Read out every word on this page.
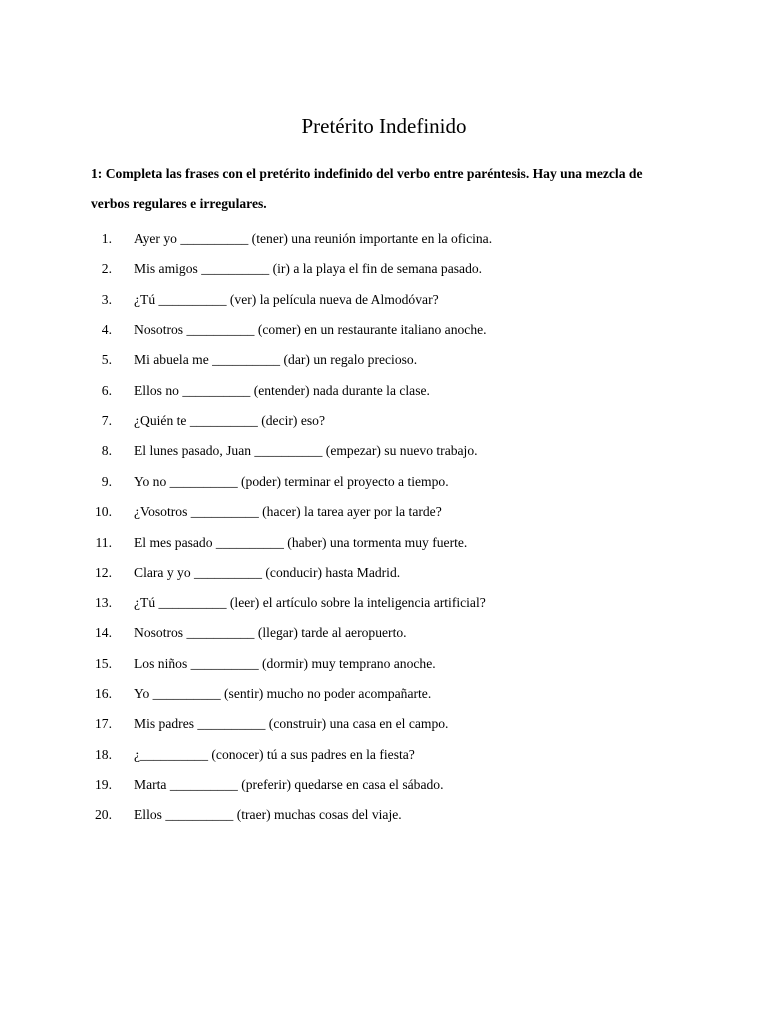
Pretérito Indefinido

1: Completa las frases con el pretérito indefinido del verbo entre paréntesis. Hay una mezcla de verbos regulares e irregulares.

1. Ayer yo __________ (tener) una reunión importante en la oficina.
2. Mis amigos __________ (ir) a la playa el fin de semana pasado.
3. ¿Tú __________ (ver) la película nueva de Almodóvar?
4. Nosotros __________ (comer) en un restaurante italiano anoche.
5. Mi abuela me __________ (dar) un regalo precioso.
6. Ellos no __________ (entender) nada durante la clase.
7. ¿Quién te __________ (decir) eso?
8. El lunes pasado, Juan __________ (empezar) su nuevo trabajo.
9. Yo no __________ (poder) terminar el proyecto a tiempo.
10. ¿Vosotros __________ (hacer) la tarea ayer por la tarde?
11. El mes pasado __________ (haber) una tormenta muy fuerte.
12. Clara y yo __________ (conducir) hasta Madrid.
13. ¿Tú __________ (leer) el artículo sobre la inteligencia artificial?
14. Nosotros __________ (llegar) tarde al aeropuerto.
15. Los niños __________ (dormir) muy temprano anoche.
16. Yo __________ (sentir) mucho no poder acompañarte.
17. Mis padres __________ (construir) una casa en el campo.
18. ¿__________ (conocer) tú a sus padres en la fiesta?
19. Marta __________ (preferir) quedarse en casa el sábado.
20. Ellos __________ (traer) muchas cosas del viaje.
